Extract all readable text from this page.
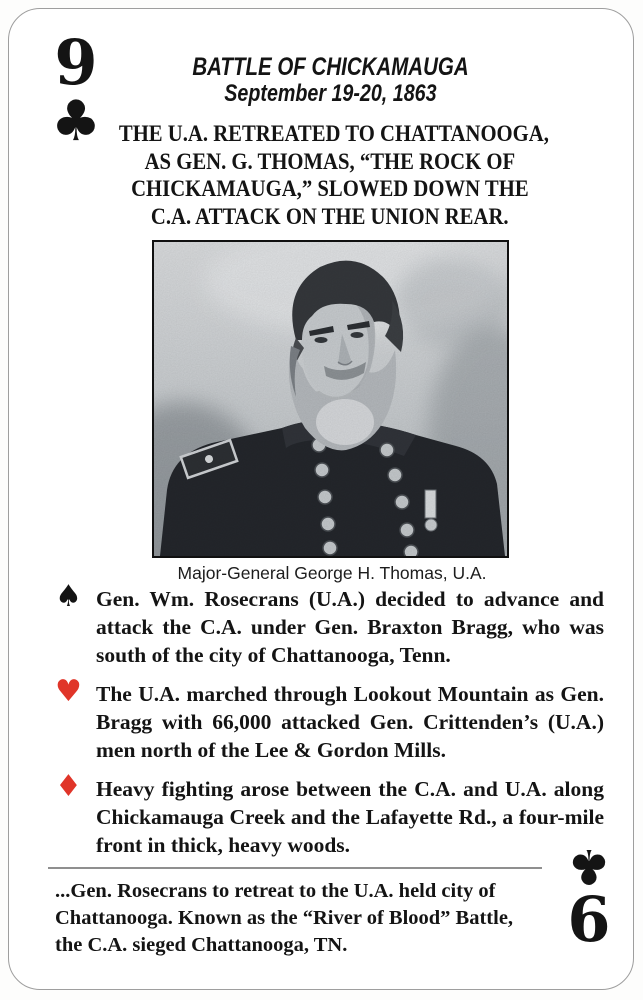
9
♣
BATTLE OF CHICKAMAUGA
September 19-20, 1863
THE U.A. RETREATED TO CHATTANOOGA,
AS GEN. G. THOMAS, “THE ROCK OF
CHICKAMAUGA,” SLOWED DOWN THE
C.A. ATTACK ON THE UNION REAR.
Major-General George H. Thomas, U.A.
♠ Gen. Wm. Rosecrans (U.A.) decided to advance and attack the C.A. under Gen. Braxton Bragg, who was south of the city of Chattanooga, Tenn.
♥ The U.A. marched through Lookout Mountain as Gen. Bragg with 66,000 attacked Gen. Crittenden’s (U.A.) men north of the Lee & Gordon Mills.
♦ Heavy fighting arose between the C.A. and U.A. along Chickamauga Creek and the Lafayette Rd., a four-mile front in thick, heavy woods.
...Gen. Rosecrans to retreat to the U.A. held city of Chattanooga. Known as the “River of Blood” Battle, the C.A. sieged Chattanooga, TN.
♣
6
